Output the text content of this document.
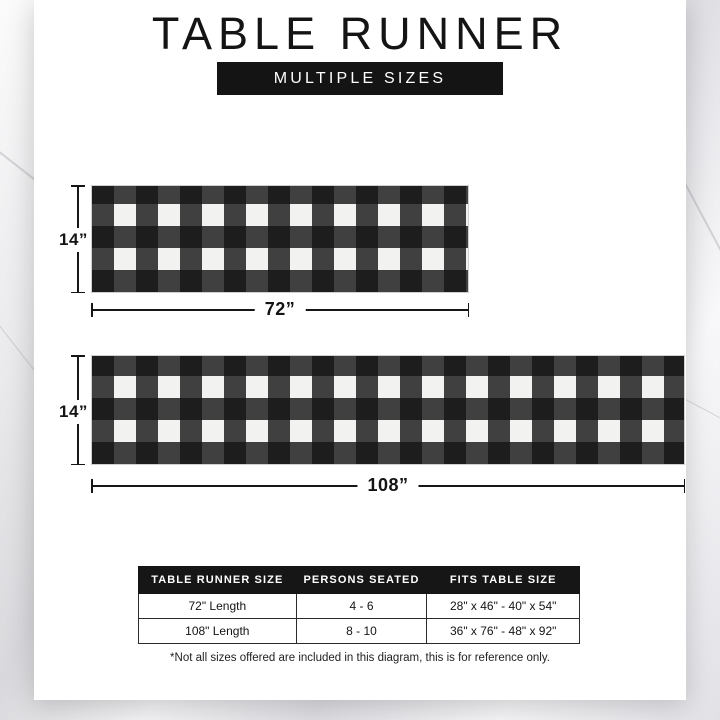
TABLE RUNNER
MULTIPLE SIZES
14”
72”
14”
108”
TABLE RUNNER SIZE	PERSONS SEATED	FITS TABLE SIZE
72" Length	4 - 6	28" x 46" - 40" x 54"
108" Length	8 - 10	36" x 76" - 48" x 92"
*Not all sizes offered are included in this diagram, this is for reference only.
